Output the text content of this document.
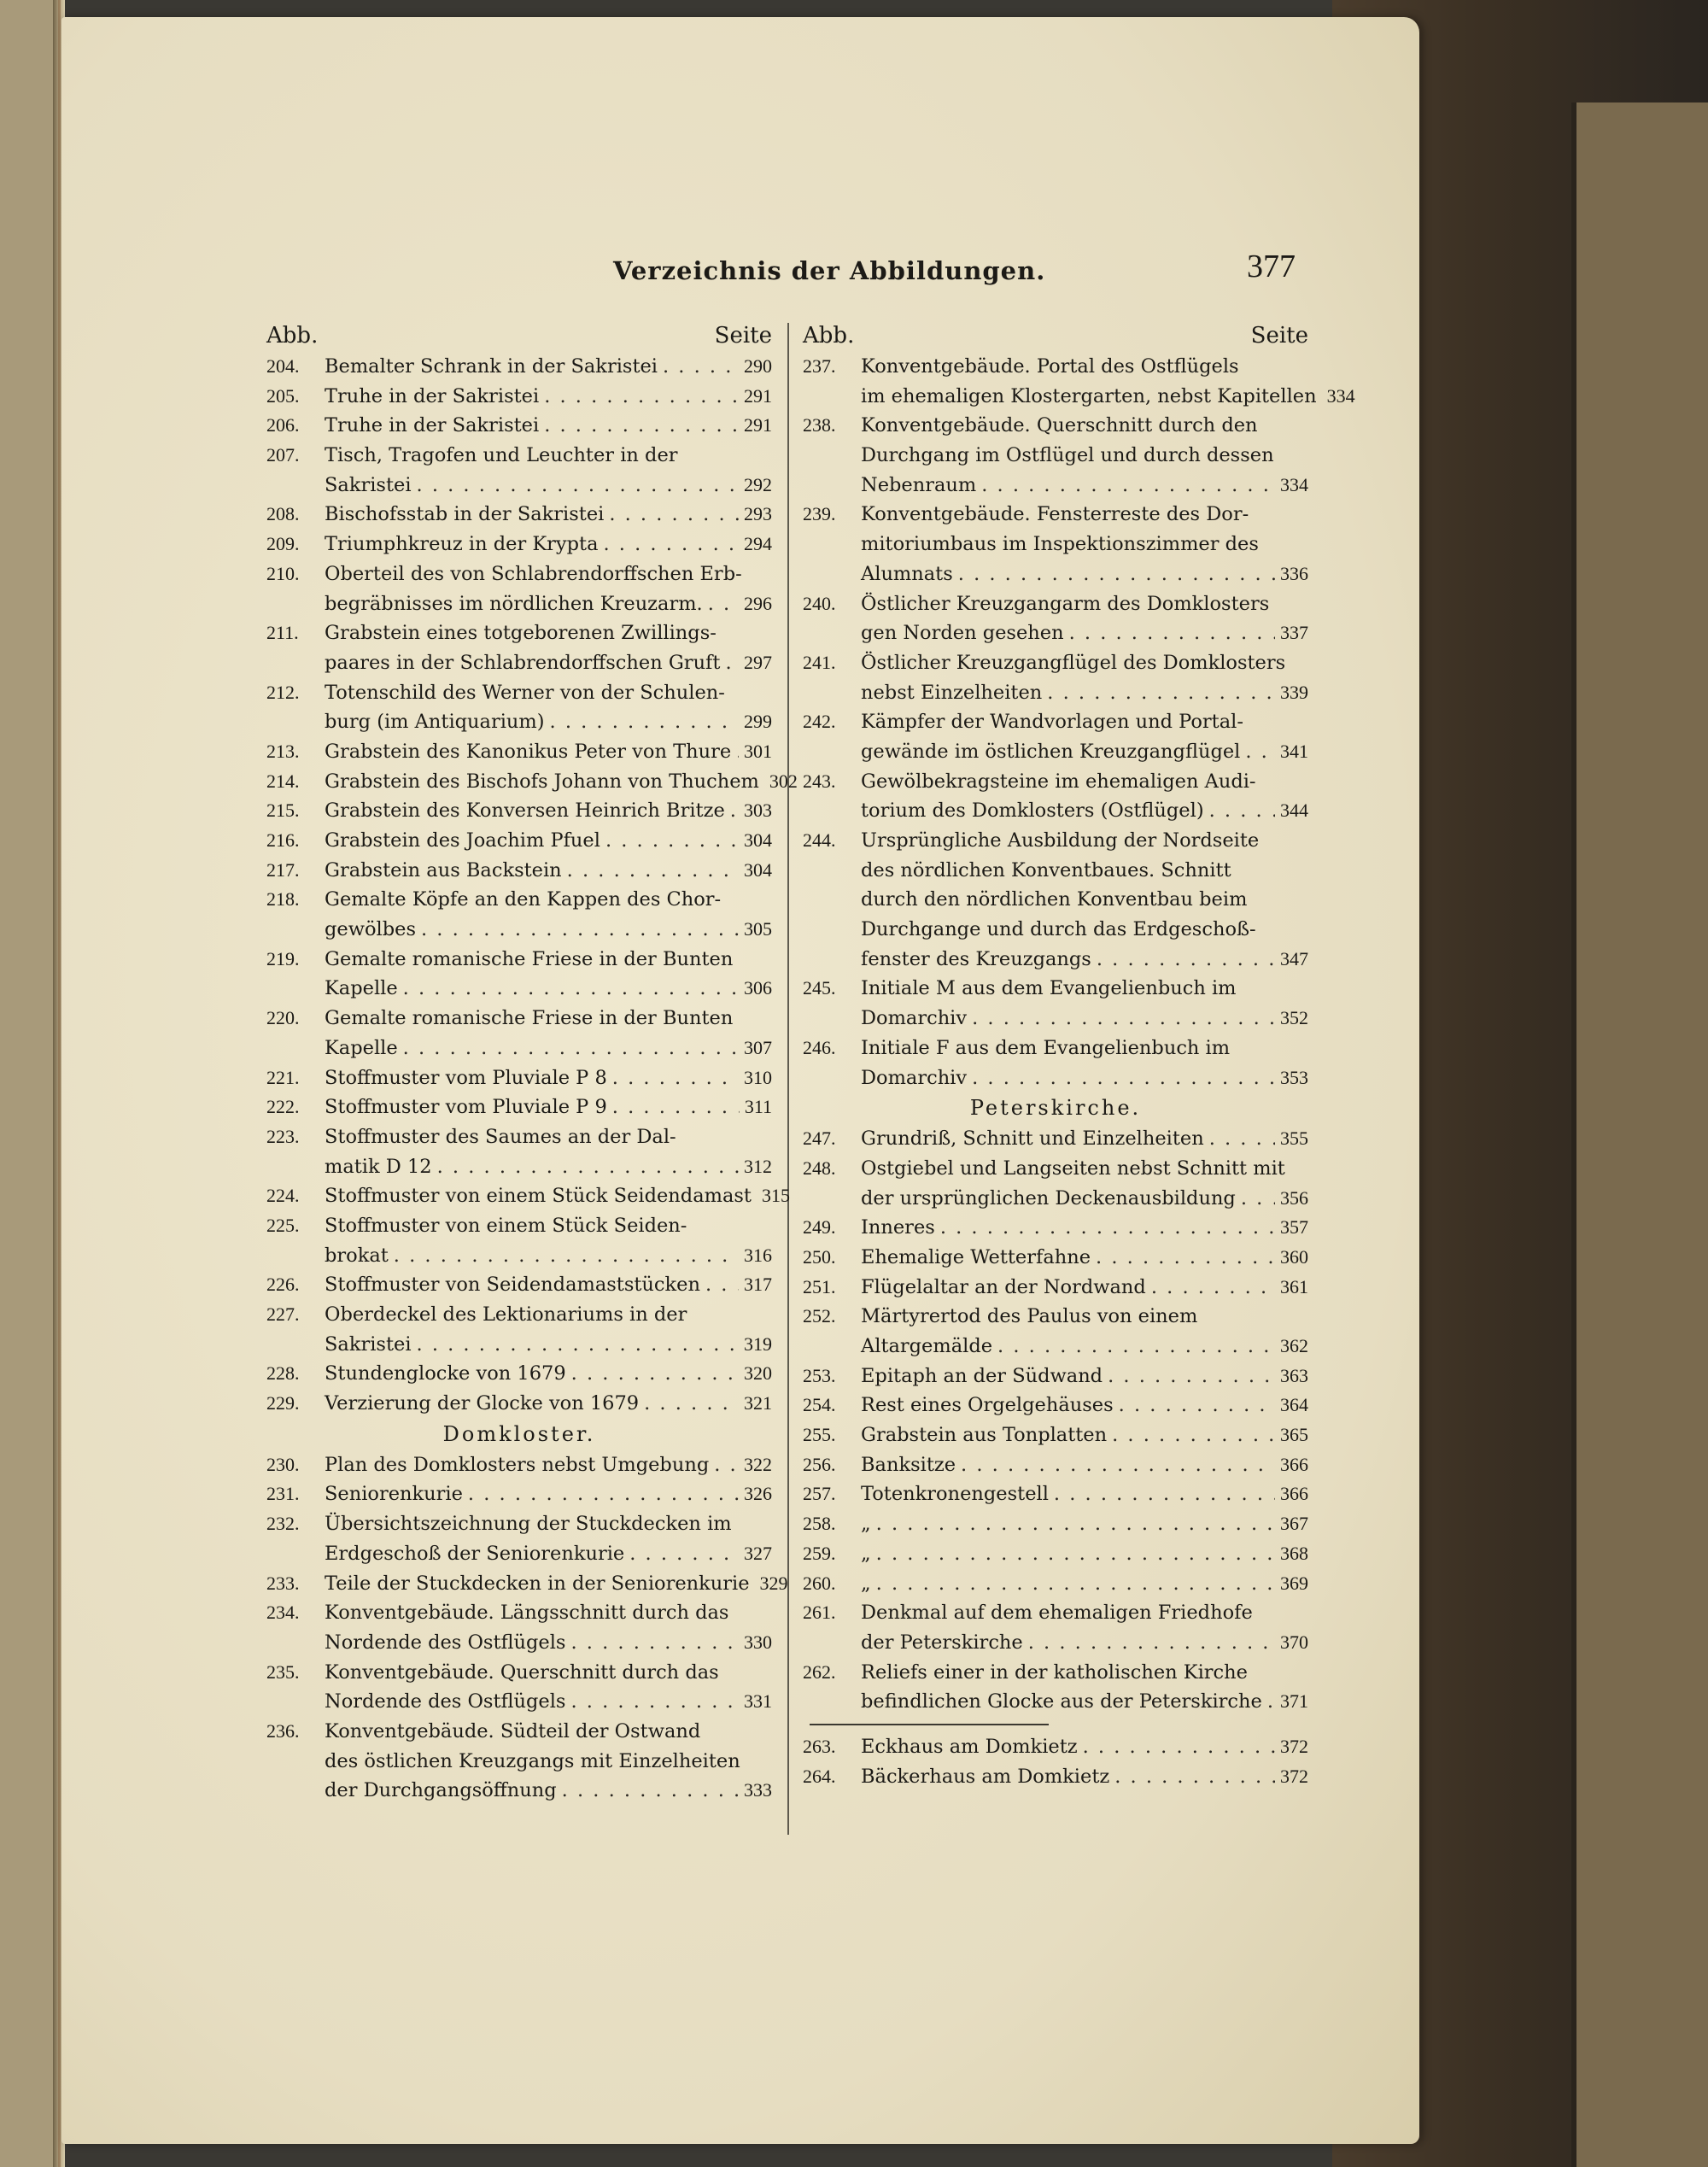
Verzeichnis der Abbildungen.	377
Abb.	Seite
204.	Bemalter Schrank in der Sakristei . . .	290
205.	Truhe in der Sakristei . . .	291
206.	Truhe in der Sakristei . . .	291
207.	Tisch, Tragofen und Leuchter in der
Sakristei . . .	292
208.	Bischofsstab in der Sakristei . . .	293
209.	Triumphkreuz in der Krypta . . .	294
210.	Oberteil des von Schlabrendorffschen Erb-
begräbnisses im nördlichen Kreuzarm. . . . 296
211.	Grabstein eines totgeborenen Zwillings-
paares in der Schlabrendorffschen Gruft . . . 297
212.	Totenschild des Werner von der Schulen-
burg (im Antiquarium) . . .	299
213.	Grabstein des Kanonikus Peter von Thure . . . 301
214.	Grabstein des Bischofs Johann von Thuchem 302
215.	Grabstein des Konversen Heinrich Britze . . . 303
216.	Grabstein des Joachim Pfuel . . .	304
217.	Grabstein aus Backstein . . .	304
218.	Gemalte Köpfe an den Kappen des Chor-
gewölbes . . .	305
219.	Gemalte romanische Friese in der Bunten
Kapelle . . .	306
220.	Gemalte romanische Friese in der Bunten
Kapelle . . .	307
221.	Stoffmuster vom Pluviale P 8 . . .	310
222.	Stoffmuster vom Pluviale P 9 . . .	311
223.	Stoffmuster des Saumes an der Dal-
matik D 12 . . .	312
224.	Stoffmuster von einem Stück Seidendamast 315
225.	Stoffmuster von einem Stück Seiden-
brokat . . .	316
226.	Stoffmuster von Seidendamaststücken . . . 317
227.	Oberdeckel des Lektionariums in der
Sakristei . . .	319
228.	Stundenglocke von 1679 . . .	320
229.	Verzierung der Glocke von 1679 . . .	321
Domkloster.
230.	Plan des Domklosters nebst Umgebung . . . 322
231.	Seniorenkurie . . .	326
232.	Übersichtszeichnung der Stuckdecken im
Erdgeschoß der Seniorenkurie . . .	327
233.	Teile der Stuckdecken in der Seniorenkurie 329
234.	Konventgebäude. Längsschnitt durch das
Nordende des Ostflügels . . .	330
235.	Konventgebäude. Querschnitt durch das
Nordende des Ostflügels . . .	331
236.	Konventgebäude. Südteil der Ostwand
des östlichen Kreuzgangs mit Einzelheiten
der Durchgangsöffnung . . .	333
Abb.	Seite
237.	Konventgebäude. Portal des Ostflügels
im ehemaligen Klostergarten, nebst Kapitellen 334
238.	Konventgebäude. Querschnitt durch den
Durchgang im Ostflügel und durch dessen
Nebenraum . . .	334
239.	Konventgebäude. Fensterreste des Dor-
mitoriumbaus im Inspektionszimmer des
Alumnats . . .	336
240.	Östlicher Kreuzgangarm des Domklosters
gen Norden gesehen . . .	337
241.	Östlicher Kreuzgangflügel des Domklosters
nebst Einzelheiten . . .	339
242.	Kämpfer der Wandvorlagen und Portal-
gewände im östlichen Kreuzgangflügel . . . 341
243.	Gewölbekragsteine im ehemaligen Audi-
torium des Domklosters (Ostflügel) . . .	344
244.	Ursprüngliche Ausbildung der Nordseite
des nördlichen Konventbaues. Schnitt
durch den nördlichen Konventbau beim
Durchgange und durch das Erdgeschoß-
fenster des Kreuzgangs . . .	347
245.	Initiale M aus dem Evangelienbuch im
Domarchiv . . .	352
246.	Initiale F aus dem Evangelienbuch im
Domarchiv . . .	353
Peterskirche.
247.	Grundriß, Schnitt und Einzelheiten . . .	355
248.	Ostgiebel und Langseiten nebst Schnitt mit
der ursprünglichen Deckenausbildung . . . 356
249.	Inneres . . .	357
250.	Ehemalige Wetterfahne . . .	360
251.	Flügelaltar an der Nordwand . . .	361
252.	Märtyrertod des Paulus von einem
Altargemälde . . .	362
253.	Epitaph an der Südwand . . .	363
254.	Rest eines Orgelgehäuses . . .	364
255.	Grabstein aus Tonplatten . . .	365
256.	Banksitze . . .	366
257.	Totenkronengestell . . .	366
258.	„ . . .	367
259.	„ . . .	368
260.	„ . . .	369
261.	Denkmal auf dem ehemaligen Friedhofe
der Peterskirche . . .	370
262.	Reliefs einer in der katholischen Kirche
befindlichen Glocke aus der Peterskirche . . . 371
263.	Eckhaus am Domkietz . . .	372
264.	Bäckerhaus am Domkietz . . .	372
